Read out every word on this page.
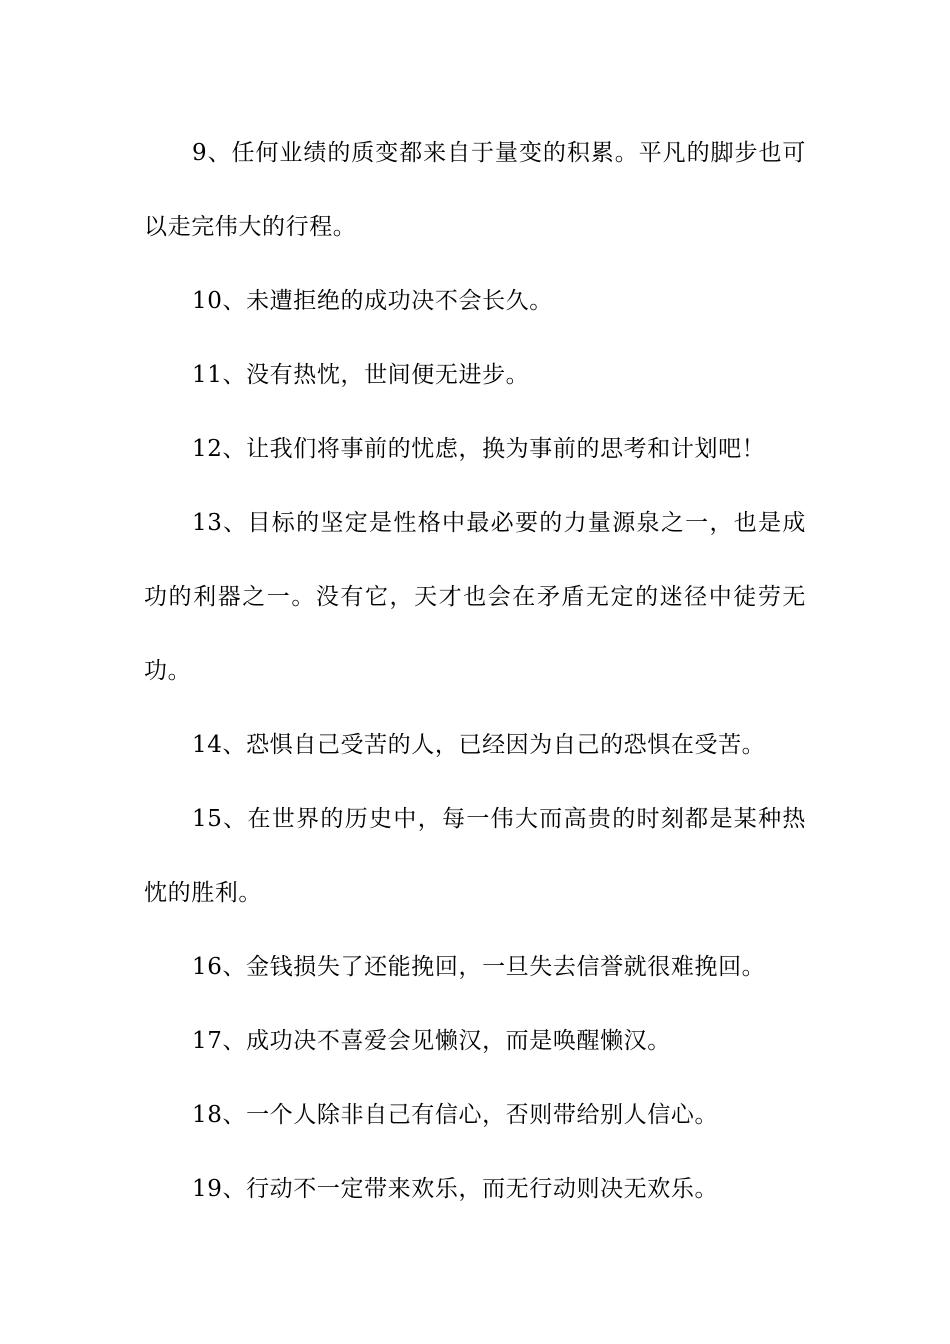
9、任何业绩的质变都来自于量变的积累。平凡的脚步也可以走完伟大的行程。

10、未遭拒绝的成功决不会长久。

11、没有热忱，世间便无进步。

12、让我们将事前的忧虑，换为事前的思考和计划吧！

13、目标的坚定是性格中最必要的力量源泉之一，也是成功的利器之一。没有它，天才也会在矛盾无定的迷径中徒劳无功。

14、恐惧自己受苦的人，已经因为自己的恐惧在受苦。

15、在世界的历史中，每一伟大而高贵的时刻都是某种热忱的胜利。

16、金钱损失了还能挽回，一旦失去信誉就很难挽回。

17、成功决不喜爱会见懒汉，而是唤醒懒汉。

18、一个人除非自己有信心，否则带给别人信心。

19、行动不一定带来欢乐，而无行动则决无欢乐。
